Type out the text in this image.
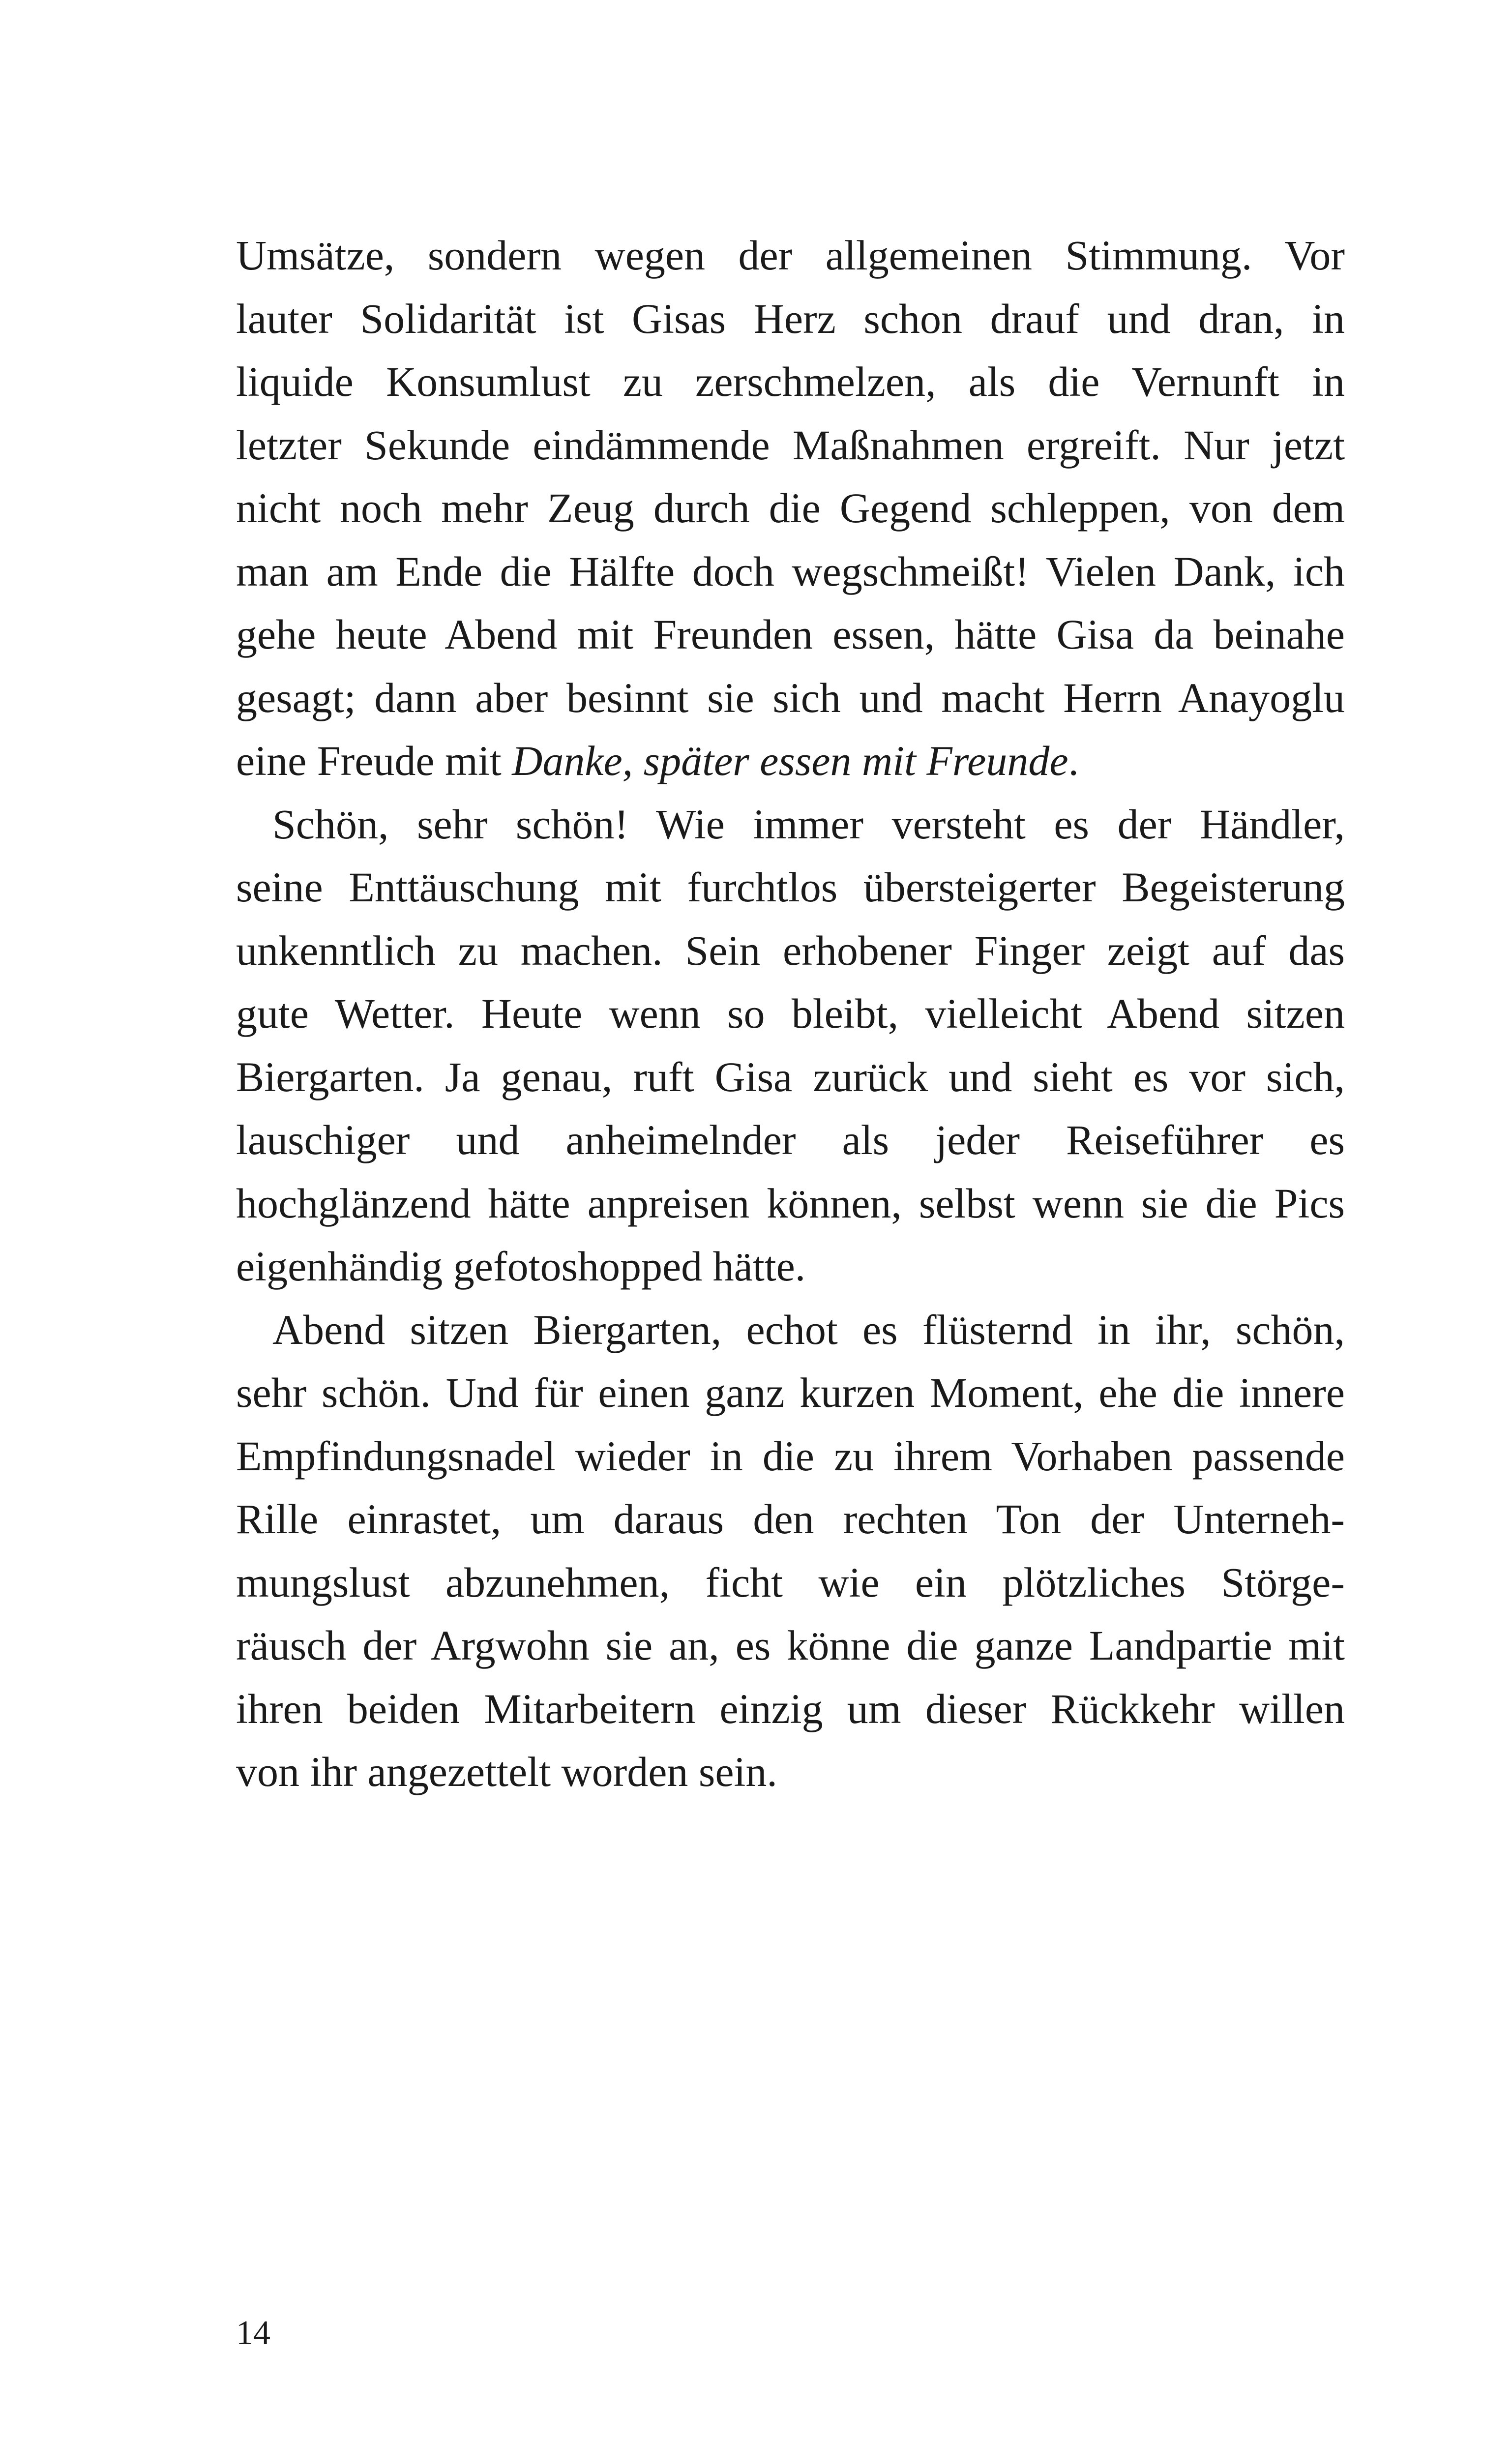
Umsätze, sondern wegen der allgemeinen Stimmung. Vor
lauter Solidarität ist Gisas Herz schon drauf und dran, in
liquide Konsumlust zu zerschmelzen, als die Vernunft in
letzter Sekunde eindämmende Maßnahmen ergreift. Nur jetzt
nicht noch mehr Zeug durch die Gegend schleppen, von dem
man am Ende die Hälfte doch wegschmeißt! Vielen Dank, ich
gehe heute Abend mit Freunden essen, hätte Gisa da beinahe
gesagt; dann aber besinnt sie sich und macht Herrn Anayoglu
eine Freude mit Danke, später essen mit Freunde.
Schön, sehr schön! Wie immer versteht es der Händler,
seine Enttäuschung mit furchtlos übersteigerter Begeisterung
unkenntlich zu machen. Sein erhobener Finger zeigt auf das
gute Wetter. Heute wenn so bleibt, vielleicht Abend sitzen
Biergarten. Ja genau, ruft Gisa zurück und sieht es vor sich,
lauschiger und anheimelnder als jeder Reiseführer es
hochglänzend hätte anpreisen können, selbst wenn sie die Pics
eigenhändig gefotoshopped hätte.
Abend sitzen Biergarten, echot es flüsternd in ihr, schön,
sehr schön. Und für einen ganz kurzen Moment, ehe die innere
Empfindungsnadel wieder in die zu ihrem Vorhaben passende
Rille einrastet, um daraus den rechten Ton der Unterneh-
mungslust abzunehmen, ficht wie ein plötzliches Störge-
räusch der Argwohn sie an, es könne die ganze Landpartie mit
ihren beiden Mitarbeitern einzig um dieser Rückkehr willen
von ihr angezettelt worden sein.
14
